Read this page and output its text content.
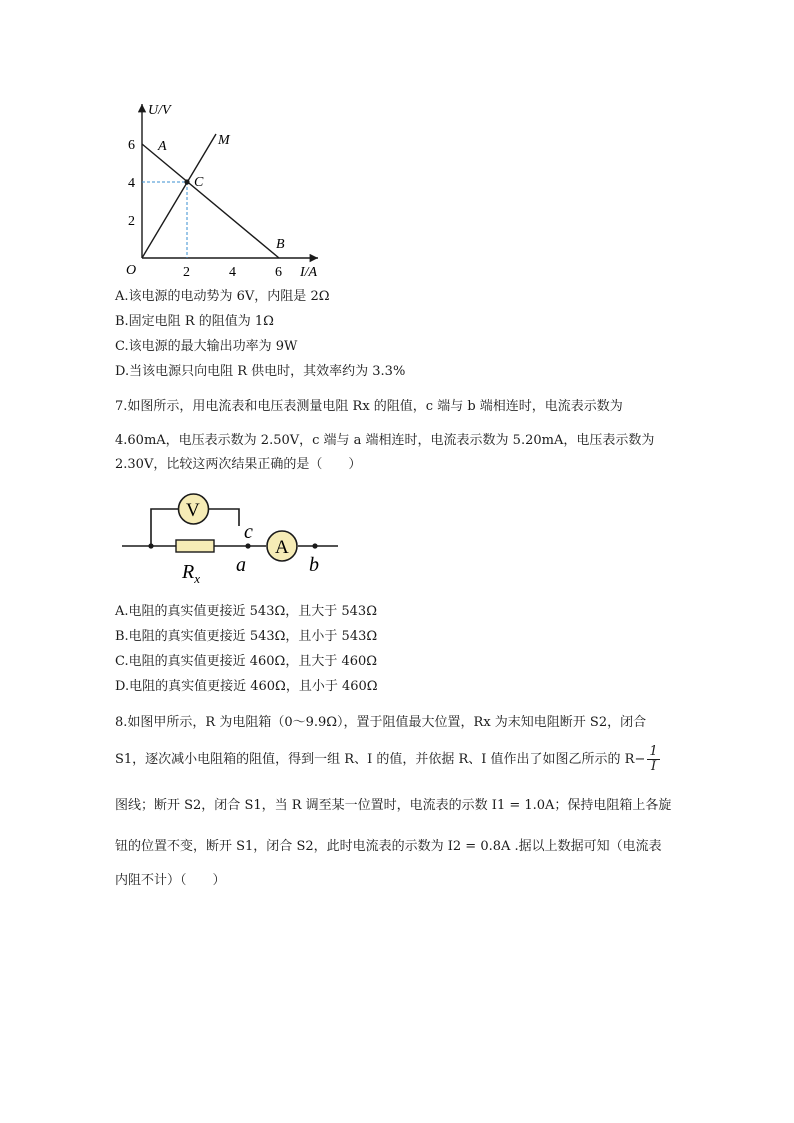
6
4
2
2	4	6
U/V
I/A
O
A
B
C
M
A.该电源的电动势为 6V，内阻是 2Ω
B.固定电阻 R 的阻值为 1Ω
C.该电源的最大输出功率为 9W
D.当该电源只向电阻 R 供电时，其效率约为 3.3%
7.如图所示，用电流表和电压表测量电阻 Rx 的阻值，c 端与 b 端相连时，电流表示数为
4.60mA，电压表示数为 2.50V，c 端与 a 端相连时，电流表示数为 5.20mA，电压表示数为
2.30V，比较这两次结果正确的是（　　）
V
A
c
a	b
$R_x$
A.电阻的真实值更接近 543Ω，且大于 543Ω
B.电阻的真实值更接近 543Ω，且小于 543Ω
C.电阻的真实值更接近 460Ω，且大于 460Ω
D.电阻的真实值更接近 460Ω，且小于 460Ω
8.如图甲所示，R 为电阻箱（0～9.9Ω），置于阻值最大位置，Rx 为末知电阻断开 S2，闭合
S1，逐次减小电阻箱的阻值，得到一组 R、I 的值，并依据 R、I 值作出了如图乙所示的 $R- \frac{1}{I}$
图线；断开 S2，闭合 S1，当 R 调至某一位置时，电流表的示数 I1 = 1.0A；保持电阻箱上各旋
钮的位置不变，断开 S1，闭合 S2，此时电流表的示数为 I2 = 0.8A .据以上数据可知（电流表
内阻不计）（　　）
